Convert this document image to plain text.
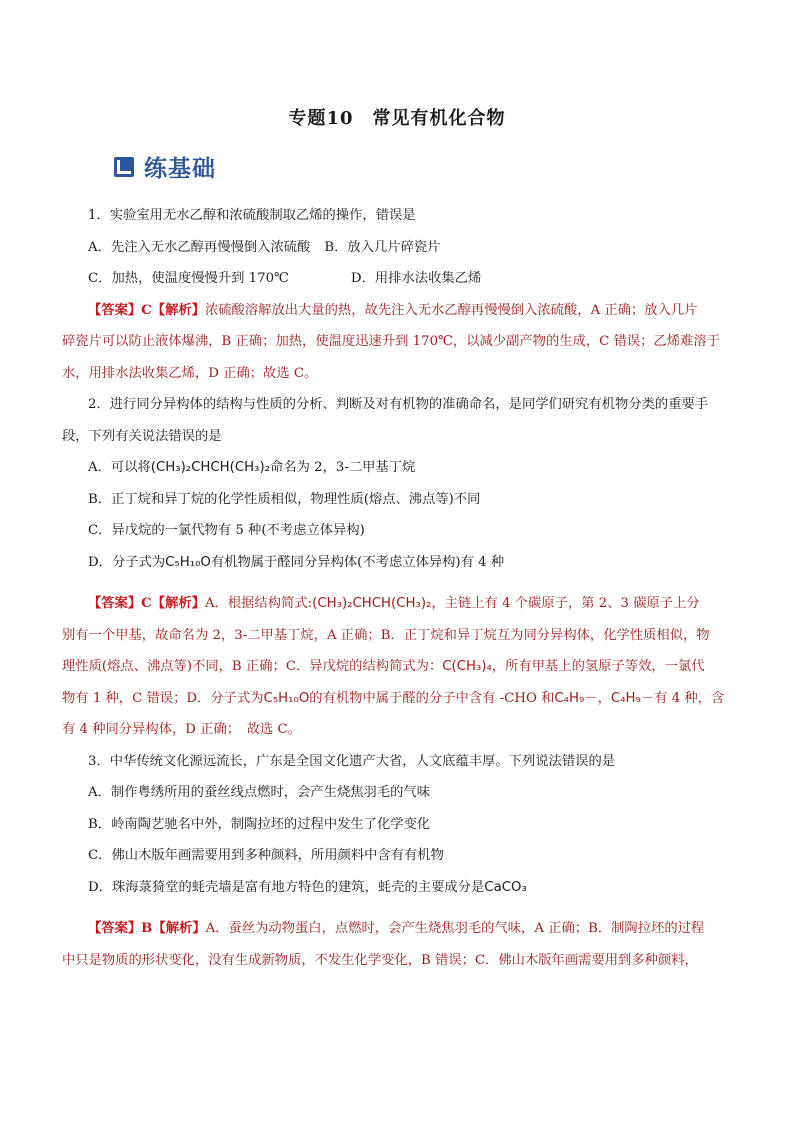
专题10　常见有机化合物
练基础
1．实验室用无水乙醇和浓硫酸制取乙烯的操作，错误是
A．先注入无水乙醇再慢慢倒入浓硫酸 B．放入几片碎瓷片
C．加热，使温度慢慢升到 170℃	D．用排水法收集乙烯
【答案】C【解析】浓硫酸溶解放出大量的热，故先注入无水乙醇再慢慢倒入浓硫酸，A 正确；放入几片
碎瓷片可以防止液体爆沸，B 正确；加热，使温度迅速升到 170℃，以减少副产物的生成，C 错误；乙烯难溶于
水，用排水法收集乙烯，D 正确；故选 C。
2．进行同分异构体的结构与性质的分析、判断及对有机物的准确命名，是同学们研究有机物分类的重要手
段，下列有关说法错误的是
A．可以将(CH₃)₂CHCH(CH₃)₂命名为 2，3-二甲基丁烷
B．正丁烷和异丁烷的化学性质相似，物理性质(熔点、沸点等)不同
C．异戊烷的一氯代物有 5 种(不考虑立体异构)
D．分子式为C₅H₁₀O有机物属于醛同分异构体(不考虑立体异构)有 4 种
【答案】C【解析】A．根据结构简式:(CH₃)₂CHCH(CH₃)₂，主链上有 4 个碳原子，第 2、3 碳原子上分
别有一个甲基，故命名为 2，3-二甲基丁烷，A 正确；B．正丁烷和异丁烷互为同分异构体，化学性质相似，物
理性质(熔点、沸点等)不同，B 正确；C．异戊烷的结构简式为：C(CH₃)₄，所有甲基上的氢原子等效，一氯代
物有 1 种，C 错误；D．分子式为C₅H₁₀O的有机物中属于醛的分子中含有 -CHO 和C₄H₉－，C₄H₉－有 4 种，含
有 4 种同分异构体，D 正确；　故选 C。
3．中华传统文化源远流长，广东是全国文化遗产大省，人文底蕴丰厚。下列说法错误的是
A．制作粤绣所用的蚕丝线点燃时，会产生烧焦羽毛的气味
B．岭南陶艺驰名中外，制陶拉坯的过程中发生了化学变化
C．佛山木版年画需要用到多种颜料，所用颜料中含有有机物
D．珠海菉猗堂的蚝壳墙是富有地方特色的建筑，蚝壳的主要成分是CaCO₃
【答案】B【解析】A．蚕丝为动物蛋白，点燃时，会产生烧焦羽毛的气味，A 正确；B．制陶拉坯的过程
中只是物质的形状变化，没有生成新物质，不发生化学变化，B 错误；C．佛山木版年画需要用到多种颜料，
